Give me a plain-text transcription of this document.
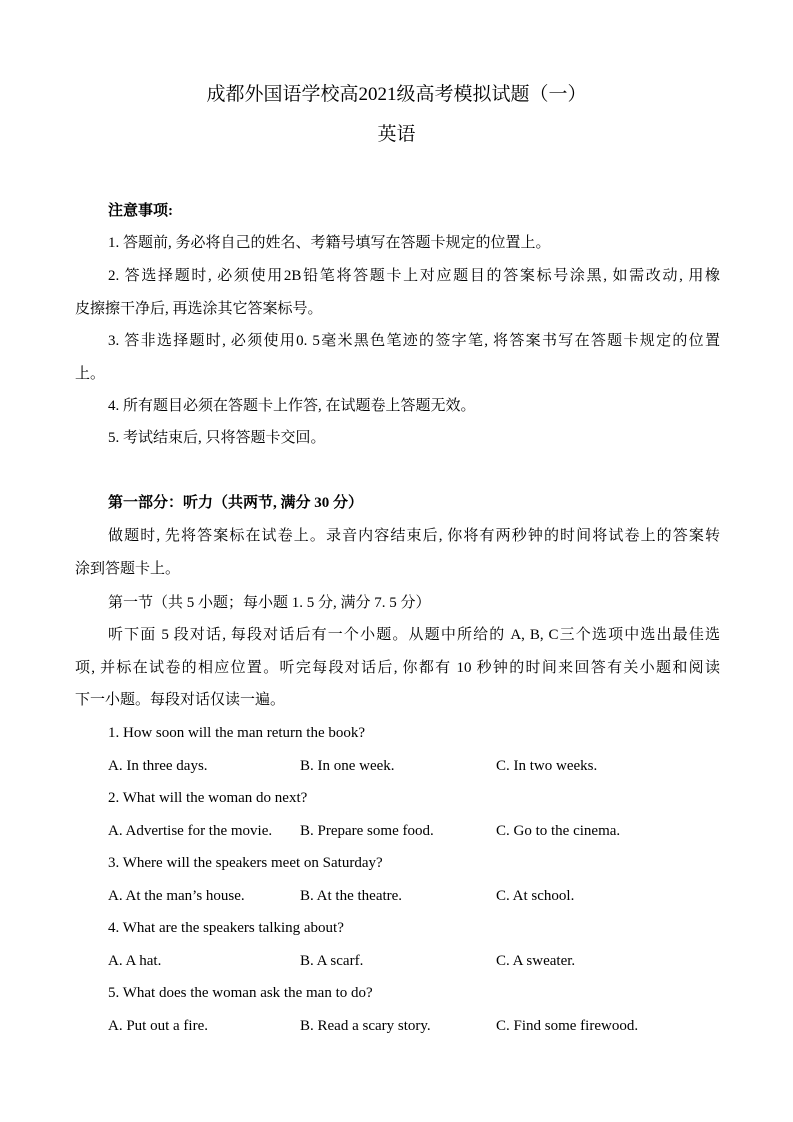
成都外国语学校高2021级高考模拟试题（一）
英语
注意事项:
1. 答题前, 务必将自己的姓名、考籍号填写在答题卡规定的位置上。
2. 答选择题时, 必须使用2B铅笔将答题卡上对应题目的答案标号涂黑, 如需改动, 用橡
皮擦擦干净后, 再选涂其它答案标号。
3. 答非选择题时, 必须使用0. 5毫米黑色笔迹的签字笔, 将答案书写在答题卡规定的位置
上。
4. 所有题目必须在答题卡上作答, 在试题卷上答题无效。
5. 考试结束后, 只将答题卡交回。
第一部分：听力（共两节, 满分 30 分）
做题时, 先将答案标在试卷上。录音内容结束后, 你将有两秒钟的时间将试卷上的答案转
涂到答题卡上。
第一节（共 5 小题；每小题 1. 5 分, 满分 7. 5 分）
听下面 5 段对话, 每段对话后有一个小题。从题中所给的 A, B, C三个选项中选出最佳选
项, 并标在试卷的相应位置。听完每段对话后, 你都有 10 秒钟的时间来回答有关小题和阅读
下一小题。每段对话仅读一遍。
1. How soon will the man return the book?
A. In three days.	B. In one week.	C. In two weeks.
2. What will the woman do next?
A. Advertise for the movie. B. Prepare some food.	C. Go to the cinema.
3. Where will the speakers meet on Saturday?
A. At the man’s house.	B. At the theatre.	C. At school.
4. What are the speakers talking about?
A. A hat.	B. A scarf.	C. A sweater.
5. What does the woman ask the man to do?
A. Put out a fire.	B. Read a scary story.	C. Find some firewood.
